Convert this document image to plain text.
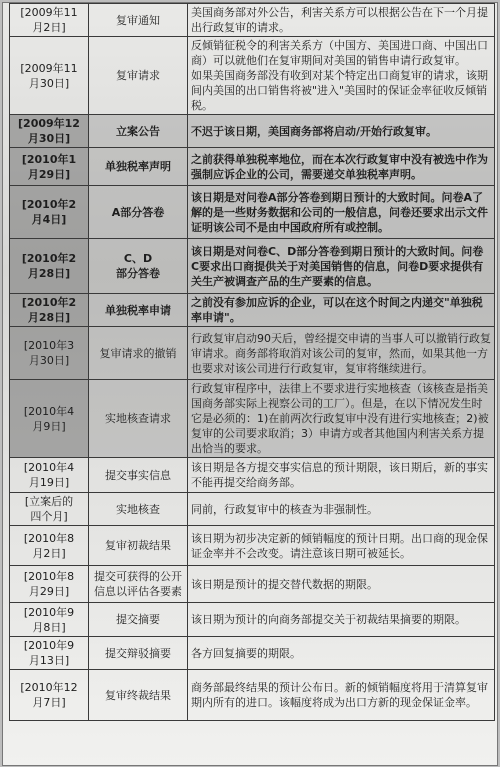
[2009年11
月2日]	复审通知	美国商务部对外公告，利害关系方可以根据公告在下一个月提出行政复审的请求。
[2009年11
月30日]	复审请求	反倾销征税令的利害关系方（中国方、美国进口商、中国出口商）可以就他们在复审期间对美国的销售申请行政复审。
如果美国商务部没有收到对某个特定出口商复审的请求，该期间内美国的出口销售将被"进入"美国时的保证金率征收反倾销税。
[2009年12
月30日]	立案公告	不迟于该日期，美国商务部将启动/开始行政复审。
[2010年1
月29日]	单独税率声明	之前获得单独税率地位，而在本次行政复审中没有被选中作为强制应诉企业的公司，需要递交单独税率声明。
[2010年2
月4日]	A部分答卷	该日期是对问卷A部分答卷到期日预计的大致时间。问卷A了解的是一些财务数据和公司的一般信息，问卷还要求出示文件证明该公司不是由中国政府所有或控制。
[2010年2
月28日]	C、D
部分答卷	该日期是对问卷C、D部分答卷到期日预计的大致时间。问卷C要求出口商提供关于对美国销售的信息，问卷D要求提供有关生产被调查产品的生产要素的信息。
[2010年2
月28日]	单独税率申请	之前没有参加应诉的企业，可以在这个时间之内递交"单独税率申请"。
[2010年3
月30日]	复审请求的撤销	行政复审启动90天后，曾经提交申请的当事人可以撤销行政复审请求。商务部将取消对该公司的复审，然而，如果其他一方也要求对该公司进行行政复审，复审将继续进行。
[2010年4
月9日]	实地核查请求	行政复审程序中，法律上不要求进行实地核查（该核查是指美国商务部实际上视察公司的工厂）。但是，在以下情况发生时它是必须的：1)在前两次行政复审中没有进行实地核查；2)被复审的公司要求取消；3）申请方或者其他国内利害关系方提出恰当的要求。
[2010年4
月19日]	提交事实信息	该日期是各方提交事实信息的预计期限，该日期后，新的事实不能再提交给商务部。
[立案后的
四个月]	实地核查	同前，行政复审中的核查为非强制性。
[2010年8
月2日]	复审初裁结果	该日期为初步决定新的倾销幅度的预计日期。出口商的现金保证金率并不会改变。请注意该日期可被延长。
[2010年8
月29日]	提交可获得的公开信息以评估各要素	该日期是预计的提交替代数据的期限。
[2010年9
月8日]	提交摘要	该日期为预计的向商务部提交关于初裁结果摘要的期限。
[2010年9
月13日]	提交辩驳摘要	各方回复摘要的期限。
[2010年12
月7日]	复审终裁结果	商务部最终结果的预计公布日。新的倾销幅度将用于清算复审期内所有的进口。该幅度将成为出口方新的现金保证金率。
